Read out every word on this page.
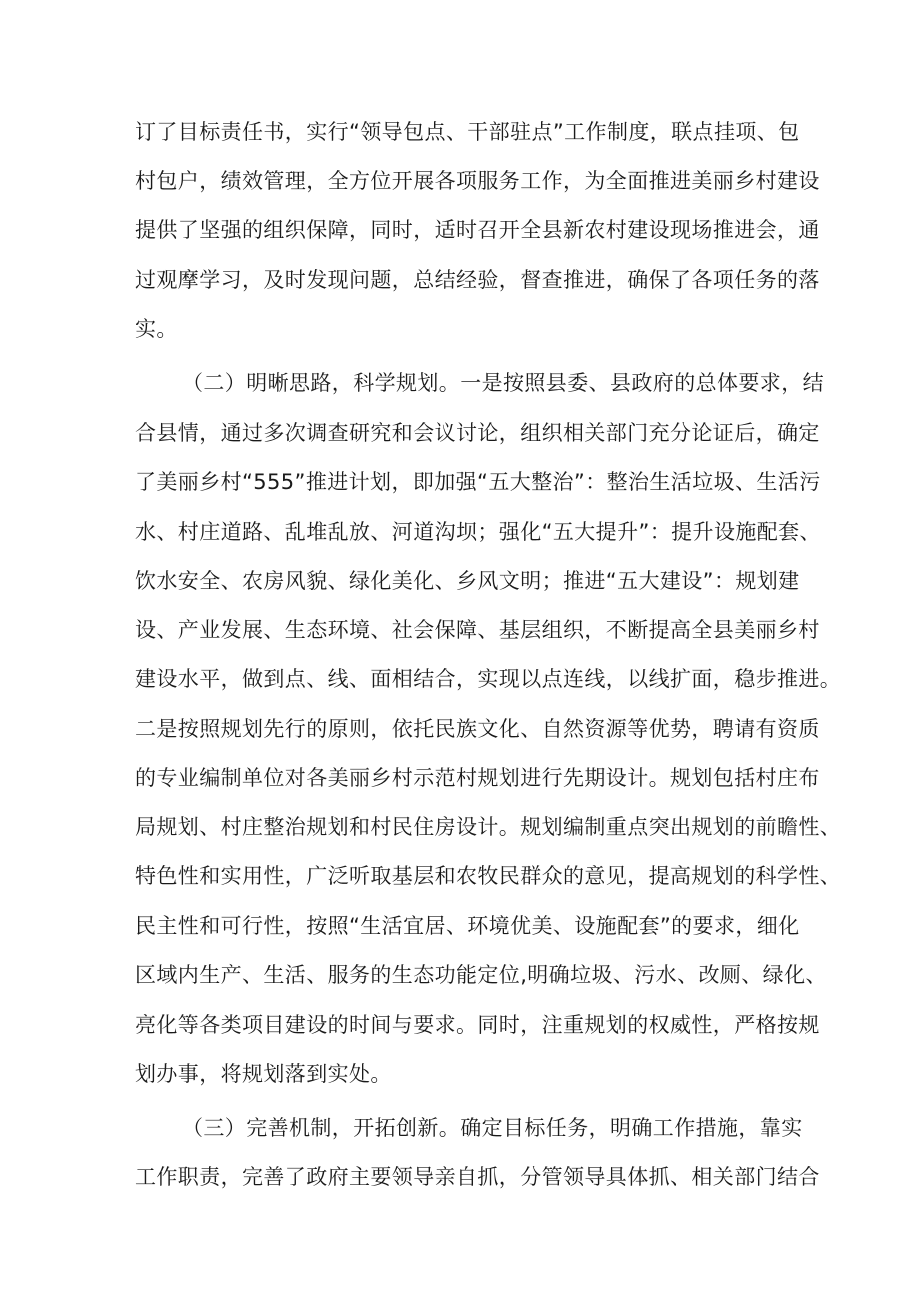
订了目标责任书，实行“领导包点、干部驻点”工作制度，联点挂项、包
村包户，绩效管理，全方位开展各项服务工作，为全面推进美丽乡村建设
提供了坚强的组织保障，同时，适时召开全县新农村建设现场推进会，通
过观摩学习，及时发现问题，总结经验，督查推进，确保了各项任务的落
实。
（二）明晰思路，科学规划。一是按照县委、县政府的总体要求，结
合县情，通过多次调查研究和会议讨论，组织相关部门充分论证后，确定
了美丽乡村“555”推进计划，即加强“五大整治”：整治生活垃圾、生活污
水、村庄道路、乱堆乱放、河道沟坝；强化“五大提升”：提升设施配套、
饮水安全、农房风貌、绿化美化、乡风文明；推进“五大建设”：规划建
设、产业发展、生态环境、社会保障、基层组织，不断提高全县美丽乡村
建设水平，做到点、线、面相结合，实现以点连线，以线扩面，稳步推进。
二是按照规划先行的原则，依托民族文化、自然资源等优势，聘请有资质
的专业编制单位对各美丽乡村示范村规划进行先期设计。规划包括村庄布
局规划、村庄整治规划和村民住房设计。规划编制重点突出规划的前瞻性、
特色性和实用性，广泛听取基层和农牧民群众的意见，提高规划的科学性、
民主性和可行性，按照“生活宜居、环境优美、设施配套”的要求，细化
区域内生产、生活、服务的生态功能定位,明确垃圾、污水、改厕、绿化、
亮化等各类项目建设的时间与要求。同时，注重规划的权威性，严格按规
划办事，将规划落到实处。
（三）完善机制，开拓创新。确定目标任务，明确工作措施，靠实
工作职责，完善了政府主要领导亲自抓，分管领导具体抓、相关部门结合
